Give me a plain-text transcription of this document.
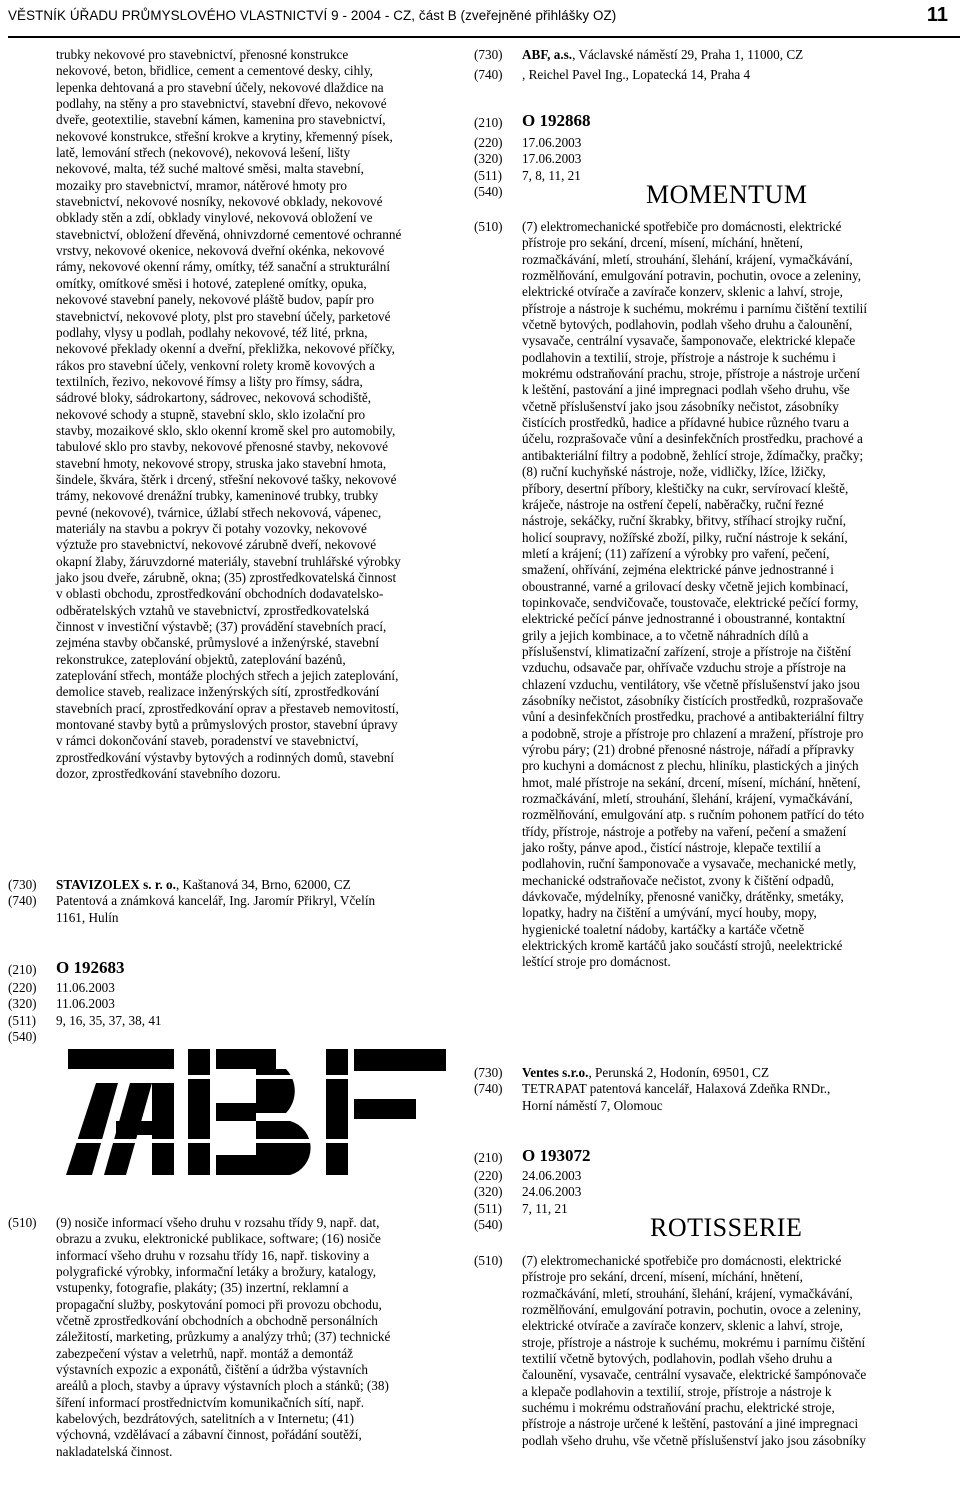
VĚSTNÍK ÚŘADU PRŮMYSLOVÉHO VLASTNICTVÍ 9 - 2004 - CZ, část B (zveřejněné přihlášky OZ)	11
trubky nekovové pro stavebnictví, přenosné konstrukce
nekovové, beton, břidlice, cement a cementové desky, cihly,
lepenka dehtovaná a pro stavební účely, nekovové dlaždice na
podlahy, na stěny a pro stavebnictví, stavební dřevo, nekovové
dveře, geotextilie, stavební kámen, kamenina pro stavebnictví,
nekovové konstrukce, střešní krokve a krytiny, křemenný písek,
latě, lemování střech (nekovové), nekovová lešení, lišty
nekovové, malta, též suché maltové směsi, malta stavební,
mozaiky pro stavebnictví, mramor, nátěrové hmoty pro
stavebnictví, nekovové nosníky, nekovové obklady, nekovové
obklady stěn a zdí, obklady vinylové, nekovová obložení ve
stavebnictví, obložení dřevěná, ohnivzdorné cementové ochranné
vrstvy, nekovové okenice, nekovová dveřní okénka, nekovové
rámy, nekovové okenní rámy, omítky, též sanační a strukturální
omítky, omítkové směsi i hotové, zateplené omítky, opuka,
nekovové stavební panely, nekovové pláště budov, papír pro
stavebnictví, nekovové ploty, plst pro stavební účely, parketové
podlahy, vlysy u podlah, podlahy nekovové, též lité, prkna,
nekovové překlady okenní a dveřní, překližka, nekovové příčky,
rákos pro stavební účely, venkovní rolety kromě kovových a
textilních, řezivo, nekovové římsy a lišty pro římsy, sádra,
sádrové bloky, sádrokartony, sádrovec, nekovová schodiště,
nekovové schody a stupně, stavební sklo, sklo izolační pro
stavby, mozaikové sklo, sklo okenní kromě skel pro automobily,
tabulové sklo pro stavby, nekovové přenosné stavby, nekovové
stavební hmoty, nekovové stropy, struska jako stavební hmota,
šindele, škvára, štěrk i drcený, střešní nekovové tašky, nekovové
trámy, nekovové drenážní trubky, kameninové trubky, trubky
pevné (nekovové), tvárnice, úžlabí střech nekovová, vápenec,
materiály na stavbu a pokryv či potahy vozovky, nekovové
výztuže pro stavebnictví, nekovové zárubně dveří, nekovové
okapní žlaby, žáruvzdorné materiály, stavební truhlářské výrobky
jako jsou dveře, zárubně, okna; (35) zprostředkovatelská činnost
v oblasti obchodu, zprostředkování obchodních dodavatelsko-
odběratelských vztahů ve stavebnictví, zprostředkovatelská
činnost v investiční výstavbě; (37) provádění stavebních prací,
zejména stavby občanské, průmyslové a inženýrské, stavební
rekonstrukce, zateplování objektů, zateplování bazénů,
zateplování střech, montáže plochých střech a jejich zateplování,
demolice staveb, realizace inženýrských sítí, zprostředkování
stavebních prací, zprostředkování oprav a přestaveb nemovitostí,
montované stavby bytů a průmyslových prostor, stavební úpravy
v rámci dokončování staveb, poradenství ve stavebnictví,
zprostředkování výstavby bytových a rodinných domů, stavební
dozor, zprostředkování stavebního dozoru.
(730) STAVIZOLEX s. r. o., Kaštanová 34, Brno, 62000, CZ
(740) Patentová a známková kancelář, Ing. Jaromír Přikryl, Včelín
1161, Hulín
(210) O 192683
(220) 11.06.2003
(320) 11.06.2003
(511) 9, 16, 35, 37, 38, 41
(540)
(510) (9) nosiče informací všeho druhu v rozsahu třídy 9, např. dat,
obrazu a zvuku, elektronické publikace, software; (16) nosiče
informací všeho druhu v rozsahu třídy 16, např. tiskoviny a
polygrafické výrobky, informační letáky a brožury, katalogy,
vstupenky, fotografie, plakáty; (35) inzertní, reklamní a
propagační služby, poskytování pomoci při provozu obchodu,
včetně zprostředkování obchodních a obchodně personálních
záležitostí, marketing, průzkumy a analýzy trhů; (37) technické
zabezpečení výstav a veletrhů, např. montáž a demontáž
výstavních expozic a exponátů, čištění a údržba výstavních
areálů a ploch, stavby a úpravy výstavních ploch a stánků; (38)
šíření informací prostřednictvím komunikačních sítí, např.
kabelových, bezdrátových, satelitních a v Internetu; (41)
výchovná, vzdělávací a zábavní činnost, pořádání soutěží,
nakladatelská činnost.
(730) ABF, a.s., Václavské náměstí 29, Praha 1, 11000, CZ
(740) , Reichel Pavel Ing., Lopatecká 14, Praha 4
(210) O 192868
(220) 17.06.2003
(320) 17.06.2003
(511) 7, 8, 11, 21
(540)	MOMENTUM
(510) (7) elektromechanické spotřebiče pro domácnosti, elektrické
přístroje pro sekání, drcení, mísení, míchání, hnětení,
rozmačkávání, mletí, strouhání, šlehání, krájení, vymačkávání,
rozmělňování, emulgování potravin, pochutin, ovoce a zeleniny,
elektrické otvírače a zavírače konzerv, sklenic a lahví, stroje,
přístroje a nástroje k suchému, mokrému i parnímu čištění textilií
včetně bytových, podlahovin, podlah všeho druhu a čalounění,
vysavače, centrální vysavače, šamponovače, elektrické klepače
podlahovin a textilií, stroje, přístroje a nástroje k suchému i
mokrému odstraňování prachu, stroje, přístroje a nástroje určení
k leštění, pastování a jiné impregnaci podlah všeho druhu, vše
včetně příslušenství jako jsou zásobníky nečistot, zásobníky
čistících prostředků, hadice a přídavné hubice různého tvaru a
účelu, rozprašovače vůní a desinfekčních prostředku, prachové a
antibakteriální filtry a podobně, žehlící stroje, ždímačky, pračky;
(8) ruční kuchyňské nástroje, nože, vidličky, lžíce, lžičky,
příbory, desertní příbory, kleštičky na cukr, servírovací kleště,
kráječe, nástroje na ostření čepelí, naběračky, ruční řezné
nástroje, sekáčky, ruční škrabky, břitvy, stříhací strojky ruční,
holicí soupravy, nožířské zboží, pilky, ruční nástroje k sekání,
mletí a krájení; (11) zařízení a výrobky pro vaření, pečení,
smažení, ohřívání, zejména elektrické pánve jednostranné i
oboustranné, varné a grilovací desky včetně jejich kombinací,
topinkovače, sendvičovače, toustovače, elektrické pečící formy,
elektrické pečící pánve jednostranné i oboustranné, kontaktní
grily a jejich kombinace, a to včetně náhradních dílů a
příslušenství, klimatizační zařízení, stroje a přístroje na čištění
vzduchu, odsavače par, ohřívače vzduchu stroje a přístroje na
chlazení vzduchu, ventilátory, vše včetně příslušenství jako jsou
zásobníky nečistot, zásobníky čistících prostředků, rozprašovače
vůní a desinfekčních prostředku, prachové a antibakteriální filtry
a podobně, stroje a přístroje pro chlazení a mražení, přístroje pro
výrobu páry; (21) drobné přenosné nástroje, nářadí a přípravky
pro kuchyni a domácnost z plechu, hliníku, plastických a jiných
hmot, malé přístroje na sekání, drcení, mísení, míchání, hnětení,
rozmačkávání, mletí, strouhání, šlehání, krájení, vymačkávání,
rozmělňování, emulgování atp. s ručním pohonem patřící do této
třídy, přístroje, nástroje a potřeby na vaření, pečení a smažení
jako rošty, pánve apod., čistící nástroje, klepače textilií a
podlahovin, ruční šamponovače a vysavače, mechanické metly,
mechanické odstraňovače nečistot, zvony k čištění odpadů,
dávkovače, mýdelníky, přenosné vaničky, drátěnky, smetáky,
lopatky, hadry na čištění a umývání, mycí houby, mopy,
hygienické toaletní nádoby, kartáčky a kartáče včetně
elektrických kromě kartáčů jako součástí strojů, neelektrické
leštící stroje pro domácnost.
(730) Ventes s.r.o., Perunská 2, Hodonín, 69501, CZ
(740) TETRAPAT patentová kancelář, Halaxová Zdeňka RNDr.,
Horní náměstí 7, Olomouc
(210) O 193072
(220) 24.06.2003
(320) 24.06.2003
(511) 7, 11, 21
(540)	ROTISSERIE
(510) (7) elektromechanické spotřebiče pro domácnosti, elektrické
přístroje pro sekání, drcení, mísení, míchání, hnětení,
rozmačkávání, mletí, strouhání, šlehání, krájení, vymačkávání,
rozmělňování, emulgování potravin, pochutin, ovoce a zeleniny,
elektrické otvírače a zavírače konzerv, sklenic a lahví, stroje,
stroje, přístroje a nástroje k suchému, mokrému i parnímu čištění
textilií včetně bytových, podlahovin, podlah všeho druhu a
čalounění, vysavače, centrální vysavače, elektrické šampónovače
a klepače podlahovin a textilií, stroje, přístroje a nástroje k
suchému i mokrému odstraňování prachu, elektrické stroje,
přístroje a nástroje určené k leštění, pastování a jiné impregnaci
podlah všeho druhu, vše včetně příslušenství jako jsou zásobníky
